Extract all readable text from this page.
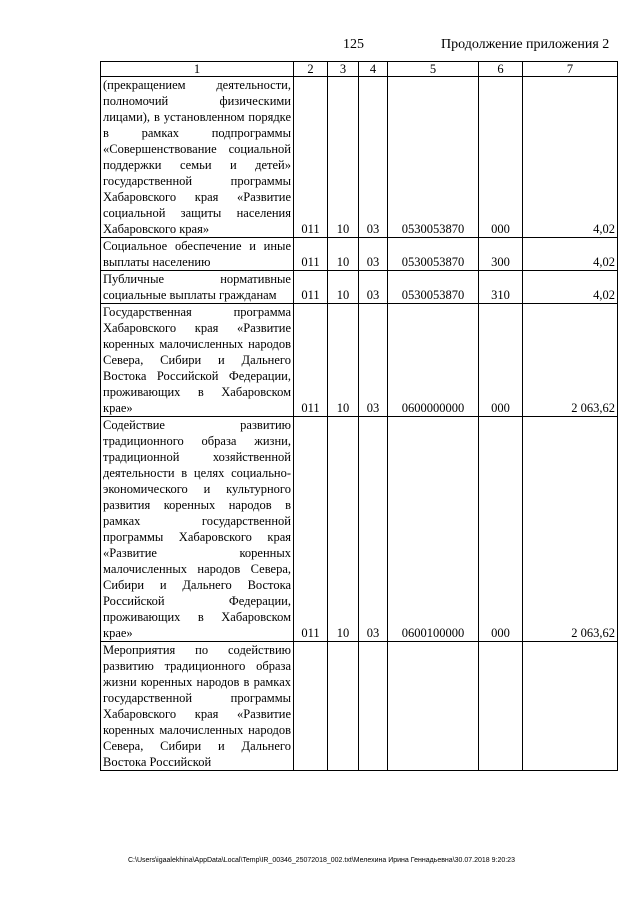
125	Продолжение приложения 2
1	2	3	4	5	6	7
(прекращением деятельности, полномочий физическими лицами), в установленном порядке в рамках подпрограммы «Совершенствование социальной поддержки семьи и детей» государственной программы Хабаровского края «Развитие социальной защиты населения Хабаровского края»	011	10	03	0530053870	000	4,02
Социальное обеспечение и иные выплаты населению	011	10	03	0530053870	300	4,02
Публичные нормативные социальные выплаты гражданам	011	10	03	0530053870	310	4,02
Государственная программа Хабаровского края «Развитие коренных малочисленных народов Севера, Сибири и Дальнего Востока Российской Федерации, проживающих в Хабаровском крае»	011	10	03	0600000000	000	2 063,62
Содействие развитию традиционного образа жизни, традиционной хозяйственной деятельности в целях социально-экономического и культурного развития коренных народов в рамках государственной программы Хабаровского края «Развитие коренных малочисленных народов Севера, Сибири и Дальнего Востока Российской Федерации, проживающих в Хабаровском крае»	011	10	03	0600100000	000	2 063,62
Мероприятия по содействию развитию традиционного образа жизни коренных народов в рамках государственной программы Хабаровского края «Развитие коренных малочисленных народов Севера, Сибири и Дальнего Востока Российской						
C:\Users\igaalekhina\AppData\Local\Temp\IR_00346_25072018_002.txt\Мелехина Ирина Геннадьевна\30.07.2018 9:20:23
